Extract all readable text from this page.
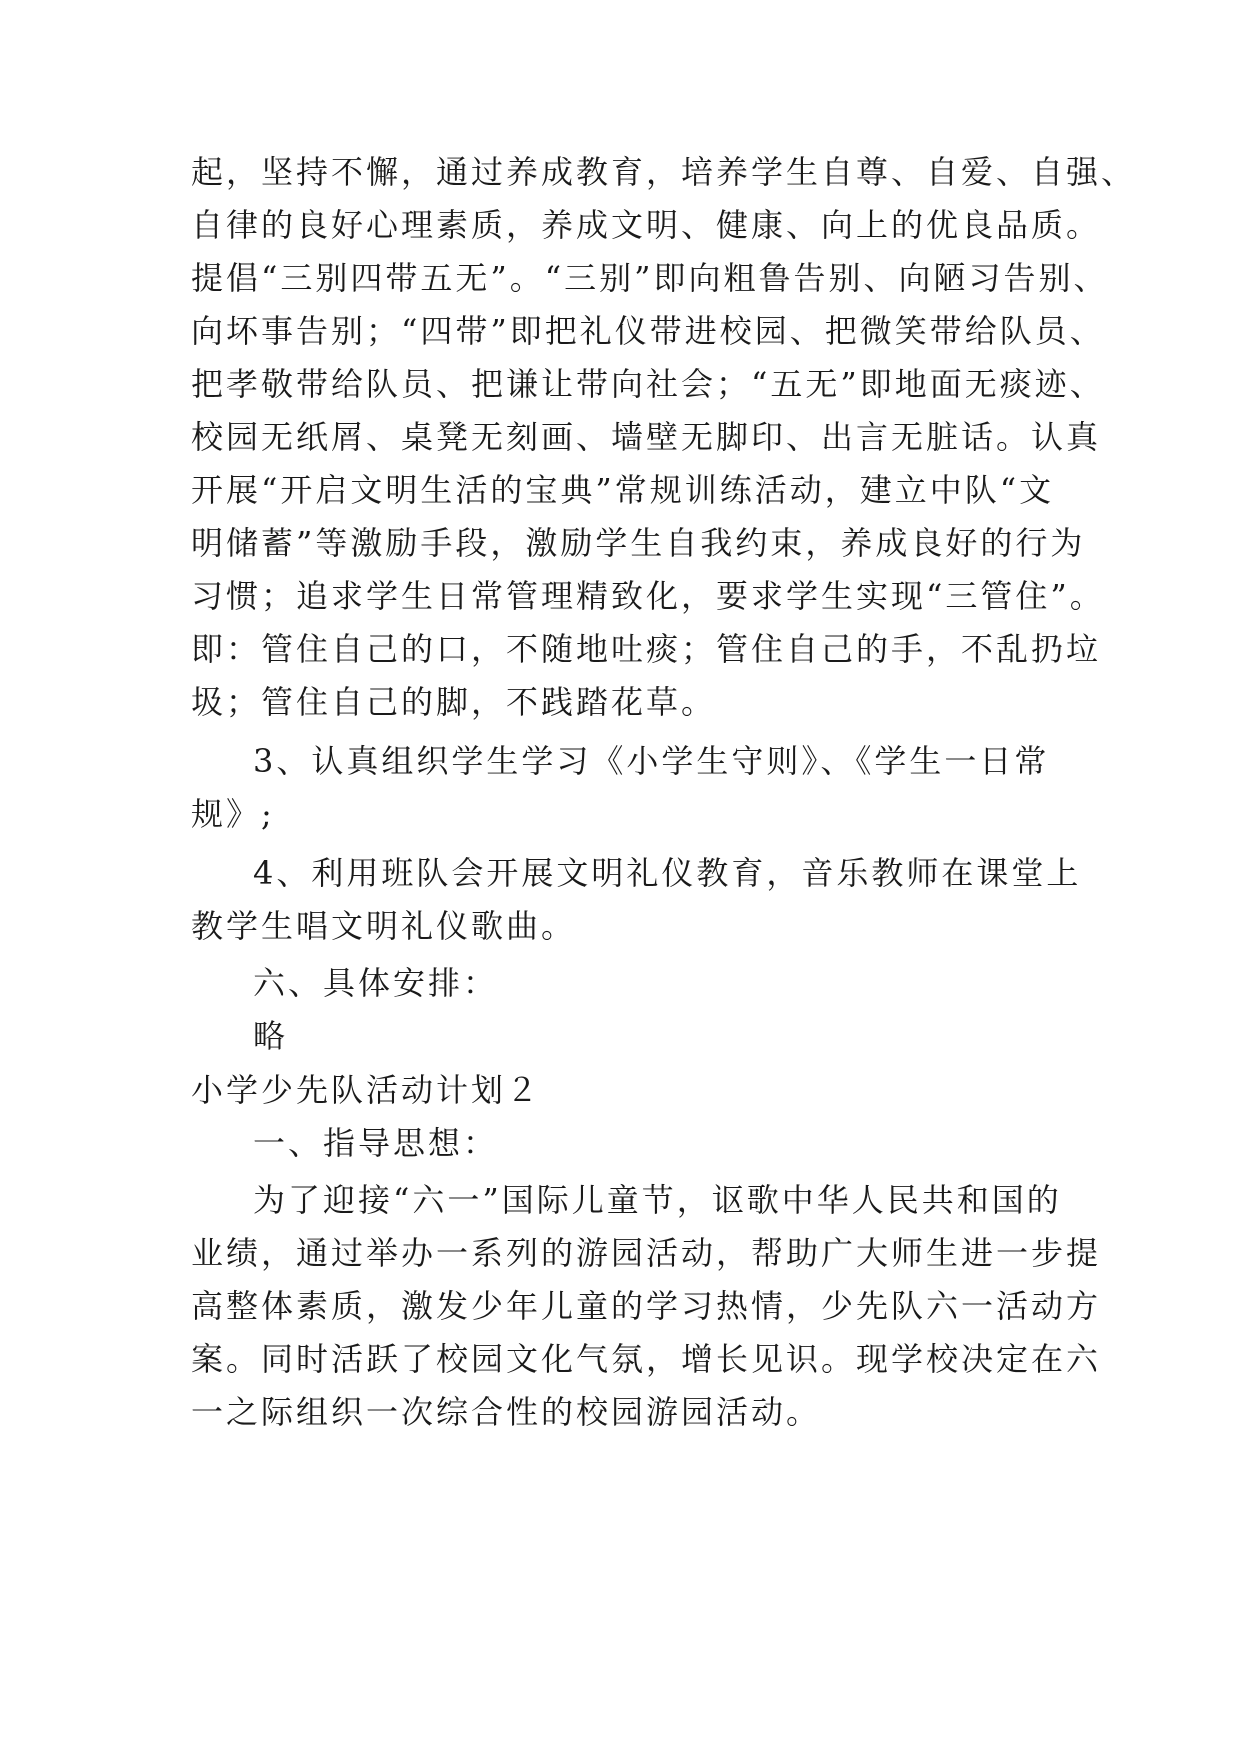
起，坚持不懈，通过养成教育，培养学生自尊、自爱、自强、
自律的良好心理素质，养成文明、健康、向上的优良品质。
提倡“三别四带五无”。“三别”即向粗鲁告别、向陋习告别、
向坏事告别；“四带”即把礼仪带进校园、把微笑带给队员、
把孝敬带给队员、把谦让带向社会；“五无”即地面无痰迹、
校园无纸屑、桌凳无刻画、墙壁无脚印、出言无脏话。认真
开展“开启文明生活的宝典”常规训练活动，建立中队“文
明储蓄”等激励手段，激励学生自我约束，养成良好的行为
习惯；追求学生日常管理精致化，要求学生实现“三管住”。
即：管住自己的口，不随地吐痰；管住自己的手，不乱扔垃
圾；管住自己的脚，不践踏花草。
3、认真组织学生学习《小学生守则》、《学生一日常
规》;
4、利用班队会开展文明礼仪教育，音乐教师在课堂上
教学生唱文明礼仪歌曲。
六、具体安排：
略
小学少先队活动计划２
一、指导思想：
为了迎接“六一”国际儿童节，讴歌中华人民共和国的
业绩，通过举办一系列的游园活动，帮助广大师生进一步提
高整体素质，激发少年儿童的学习热情，少先队六一活动方
案。同时活跃了校园文化气氛，增长见识。现学校决定在六
一之际组织一次综合性的校园游园活动。
